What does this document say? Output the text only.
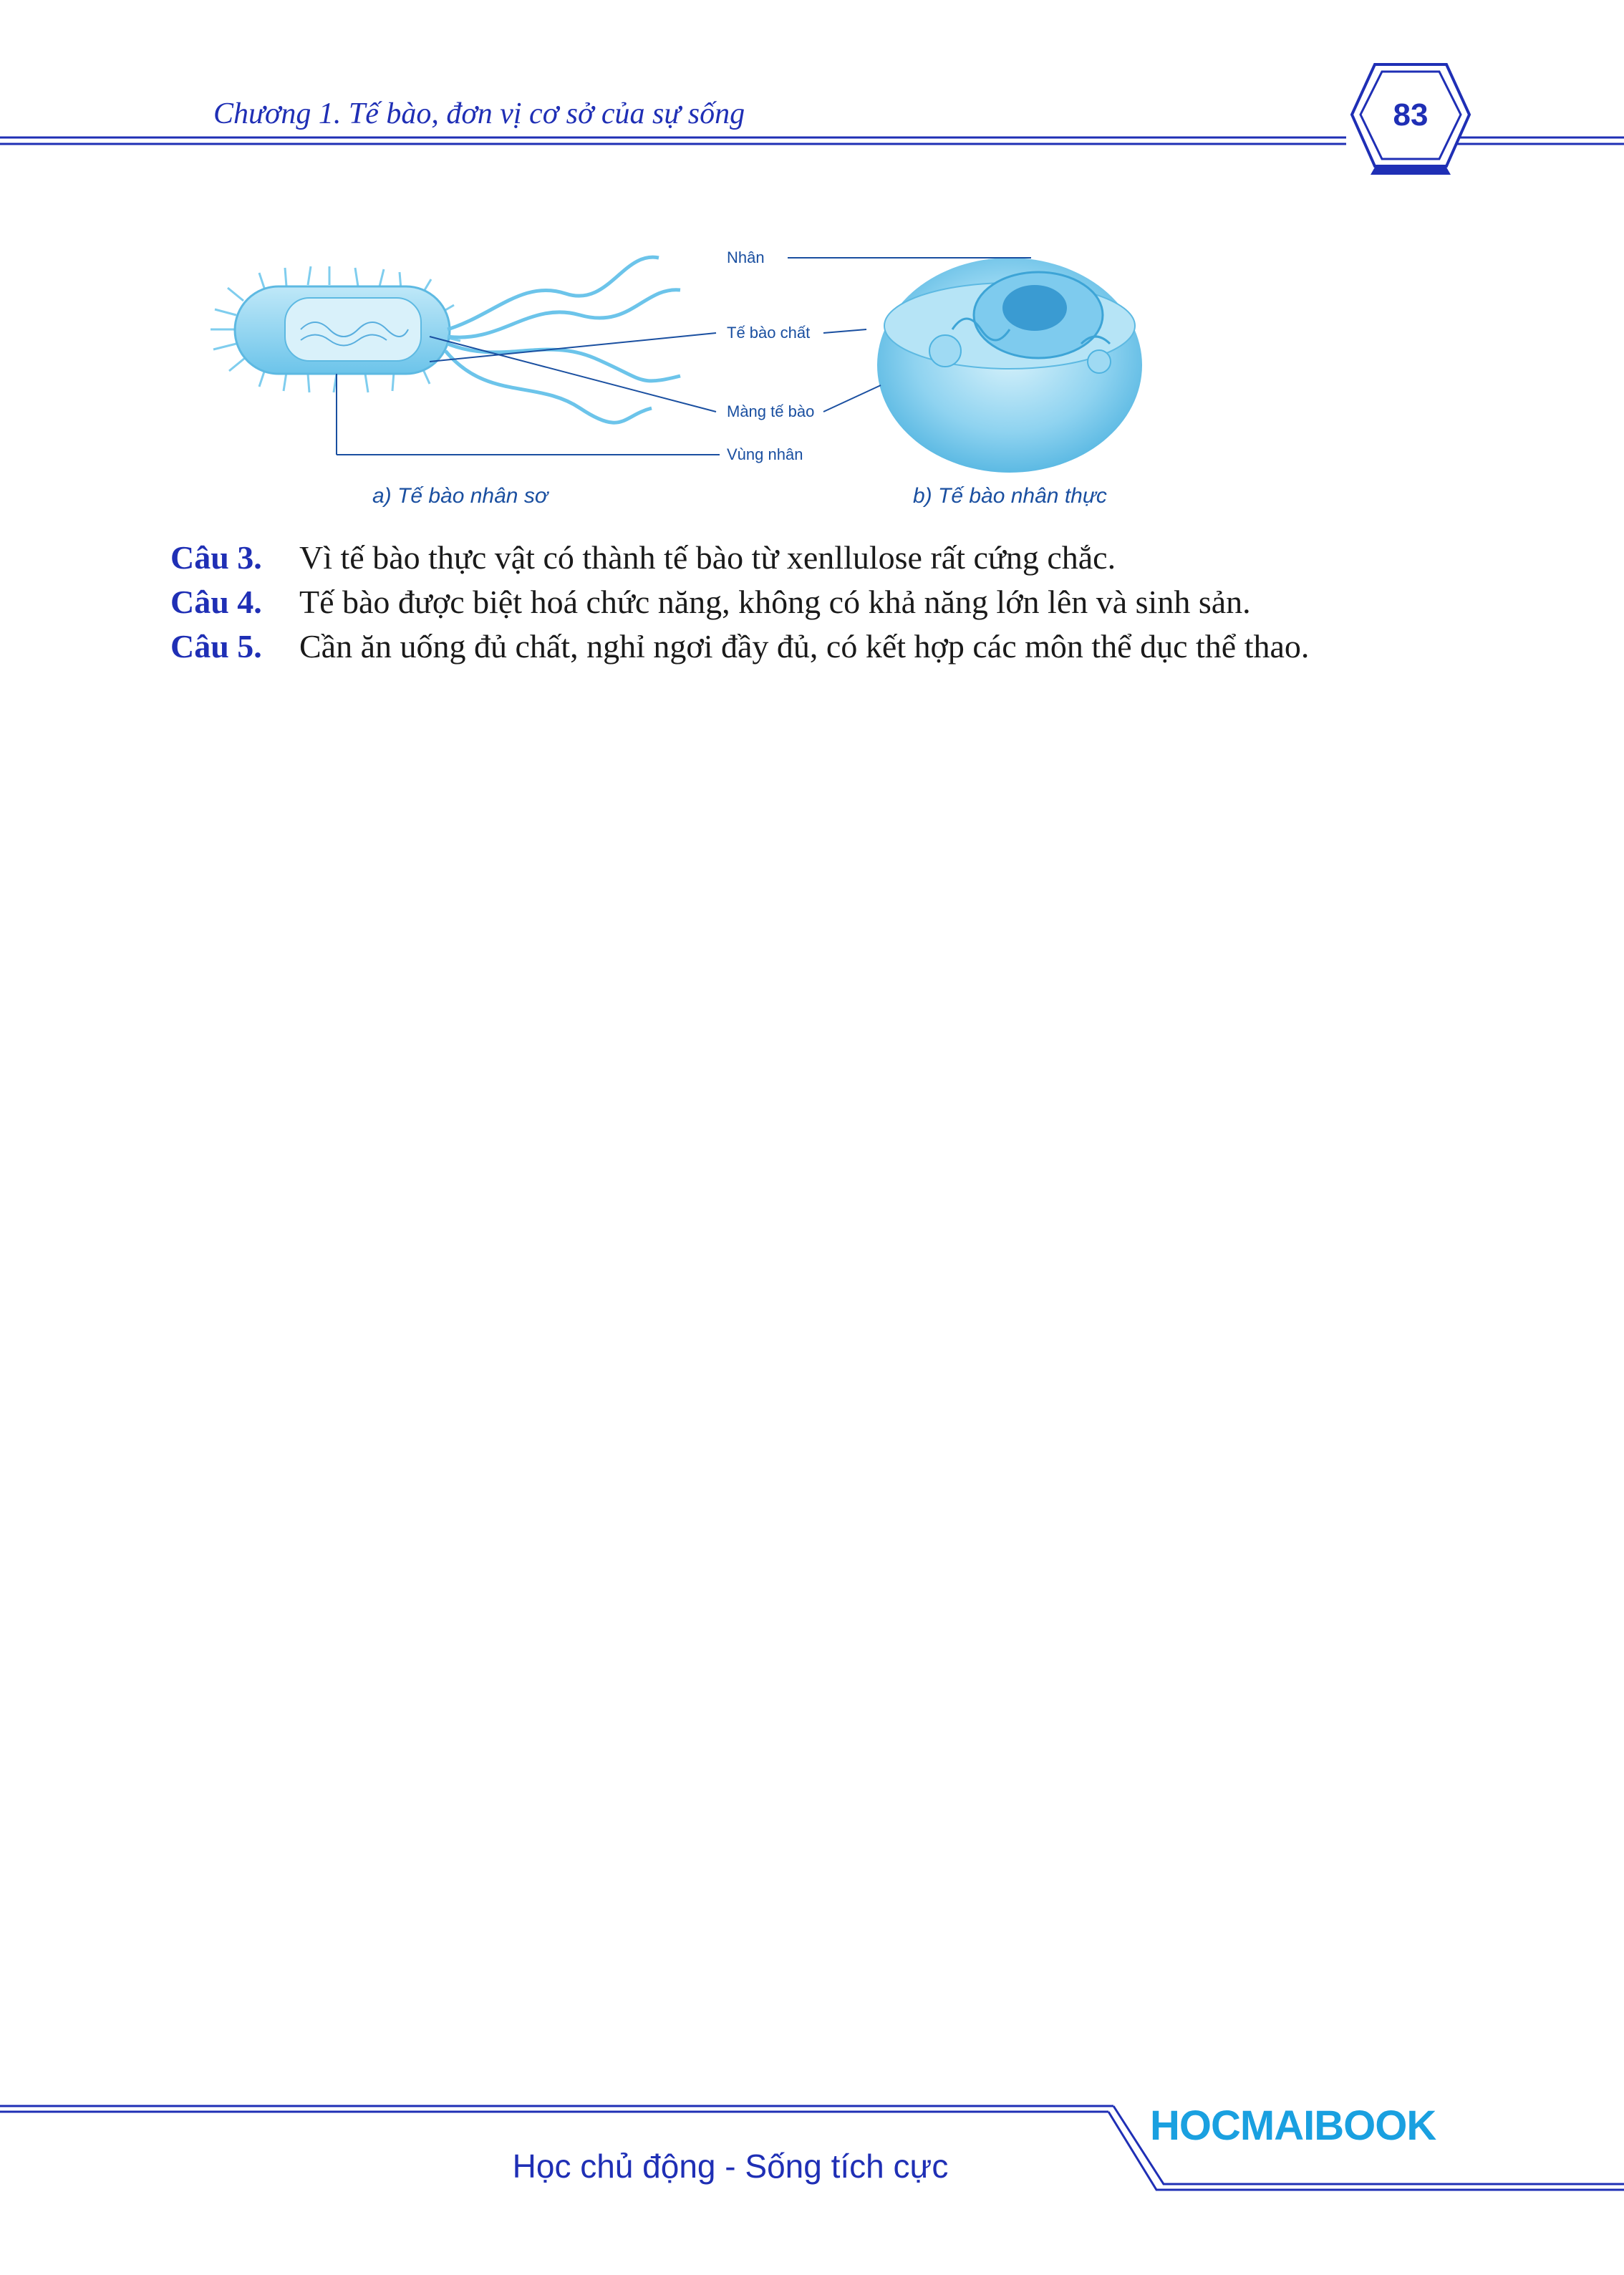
Chương 1. Tế bào, đơn vị cơ sở của sự sống	83
Nhân
Tế bào chất
Màng tế bào
Vùng nhân
a) Tế bào nhân sơ	b) Tế bào nhân thực
Câu 3. Vì tế bào thực vật có thành tế bào từ xenllulose rất cứng chắc.
Câu 4. Tế bào được biệt hoá chức năng, không có khả năng lớn lên và sinh sản.
Câu 5. Cần ăn uống đủ chất, nghỉ ngơi đầy đủ, có kết hợp các môn thể dục thể thao.
HOCMAIBOOK
Học chủ động - Sống tích cực
